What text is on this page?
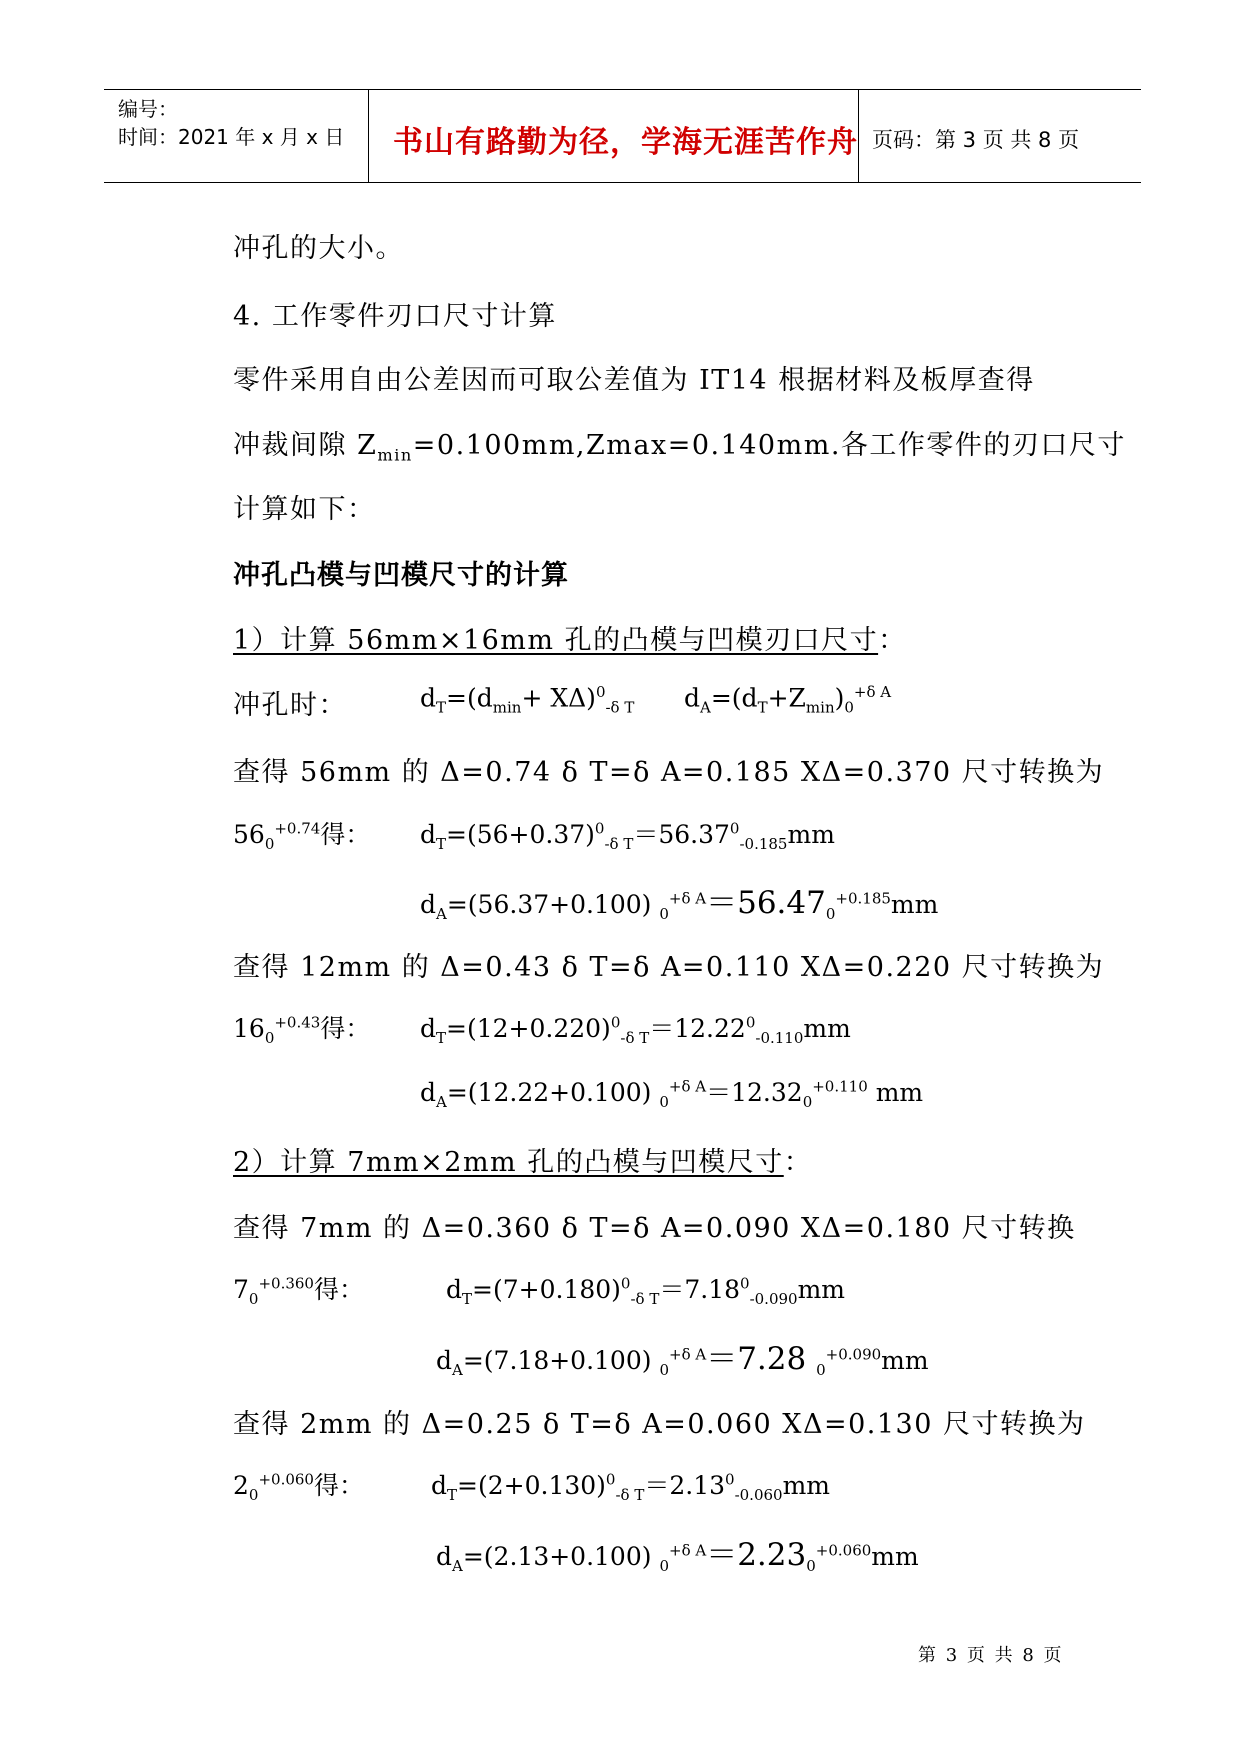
编号：
时间：2021 年 x 月 x 日 书山有路勤为径，学海无涯苦作舟 页码：第 3 页 共 8 页
冲孔的大小。
4. 工作零件刃口尺寸计算
零件采用自由公差因而可取公差值为 IT14 根据材料及板厚查得
冲裁间隙 $Z_{min}=0.100mm,Zmax=0.140mm$.各工作零件的刃口尺寸
计算如下：
冲孔凸模与凹模尺寸的计算
1）计算 56mm×16mm 孔的凸模与凹模刃口尺寸：
冲孔时：	$d_T=(d_{min}+ X\Delta)^0_{-\delta T}$ $d_A=(d_T+Z_{min})_0^{+\delta A}$
查得 56mm 的 Δ=0.74 δ T=δ A=0.185 XΔ=0.370 尺寸转换为
$56_0^{+0.74}$得： $d_T=(56+0.37)^0_{-\delta T}=56.37^0_{-0.185}mm$
$d_A=(56.37+0.100)$ $_0^{+\delta A}=56.47_0^{+0.185}mm$
查得 12mm 的 Δ=0.43 δ T=δ A=0.110 XΔ=0.220 尺寸转换为
$16_0^{+0.43}$得： $d_T=(12+0.220)^0_{-\delta T}=12.22^0_{-0.110}mm$
$d_A=(12.22+0.100)$ $_0^{+\delta A}=12.32_0^{+0.110}$ mm
2）计算 7mm×2mm 孔的凸模与凹模尺寸：
查得 7mm 的 Δ=0.360 δ T=δ A=0.090 XΔ=0.180 尺寸转换
$7_0^{+0.360}$得：	$d_T=(7+0.180)^0_{-\delta T}=7.18^0_{-0.090}mm$
$d_A=(7.18+0.100)$ $_0^{+\delta A}$＝7.28 $_0^{+0.090}$mm
查得 2mm 的 Δ=0.25 δ T=δ A=0.060 XΔ=0.130 尺寸转换为
$2_0^{+0.060}$得：	$d_T=(2+0.130)^0_{-\delta T}=2.13^0_{-0.060}mm$
$d_A=(2.13+0.100)$ $_0^{+\delta A}=2.23_0^{+0.060}mm$
第 3 页 共 8 页
